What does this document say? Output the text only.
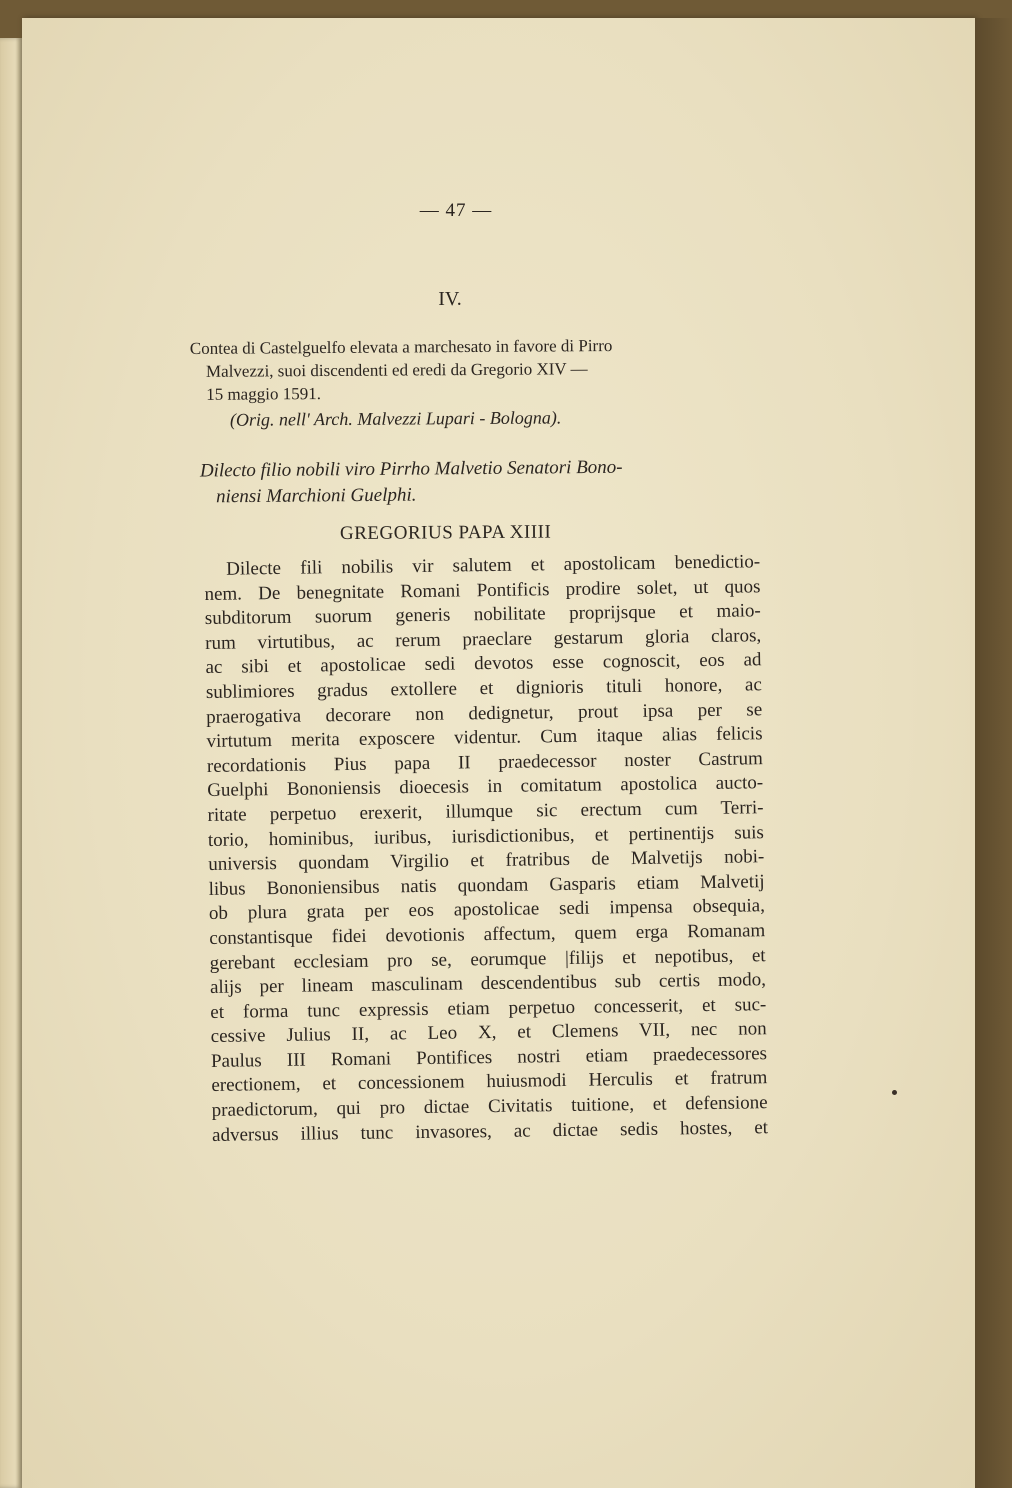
— 47 —
IV.
Contea di Castelguelfo elevata a marchesato in favore di Pirro
Malvezzi, suoi discendenti ed eredi da Gregorio XIV —
15 maggio 1591.
(Orig. nell' Arch. Malvezzi Lupari - Bologna).
Dilecto filio nobili viro Pirrho Malvetio Senatori Bono-
niensi Marchioni Guelphi.
GREGORIUS PAPA XIIII
Dilecte fili nobilis vir salutem et apostolicam benedictio-
nem. De benegnitate Romani Pontificis prodire solet, ut quos
subditorum suorum generis nobilitate proprijsque et maio-
rum virtutibus, ac rerum praeclare gestarum gloria claros,
ac sibi et apostolicae sedi devotos esse cognoscit, eos ad
sublimiores gradus extollere et dignioris tituli honore, ac
praerogativa decorare non dedignetur, prout ipsa per se
virtutum merita exposcere videntur. Cum itaque alias felicis
recordationis Pius papa II praedecessor noster Castrum
Guelphi Bononiensis dioecesis in comitatum apostolica aucto-
ritate perpetuo erexerit, illumque sic erectum cum Terri-
torio, hominibus, iuribus, iurisdictionibus, et pertinentijs suis
universis quondam Virgilio et fratribus de Malvetijs nobi-
libus Bononiensibus natis quondam Gasparis etiam Malvetij
ob plura grata per eos apostolicae sedi impensa obsequia,
constantisque fidei devotionis affectum, quem erga Romanam
gerebant ecclesiam pro se, eorumque |filijs et nepotibus, et
alijs per lineam masculinam descendentibus sub certis modo,
et forma tunc expressis etiam perpetuo concesserit, et suc-
cessive Julius II, ac Leo X, et Clemens VII, nec non
Paulus III Romani Pontifices nostri etiam praedecessores
erectionem, et concessionem huiusmodi Herculis et fratrum
praedictorum, qui pro dictae Civitatis tuitione, et defensione
adversus illius tunc invasores, ac dictae sedis hostes, et
